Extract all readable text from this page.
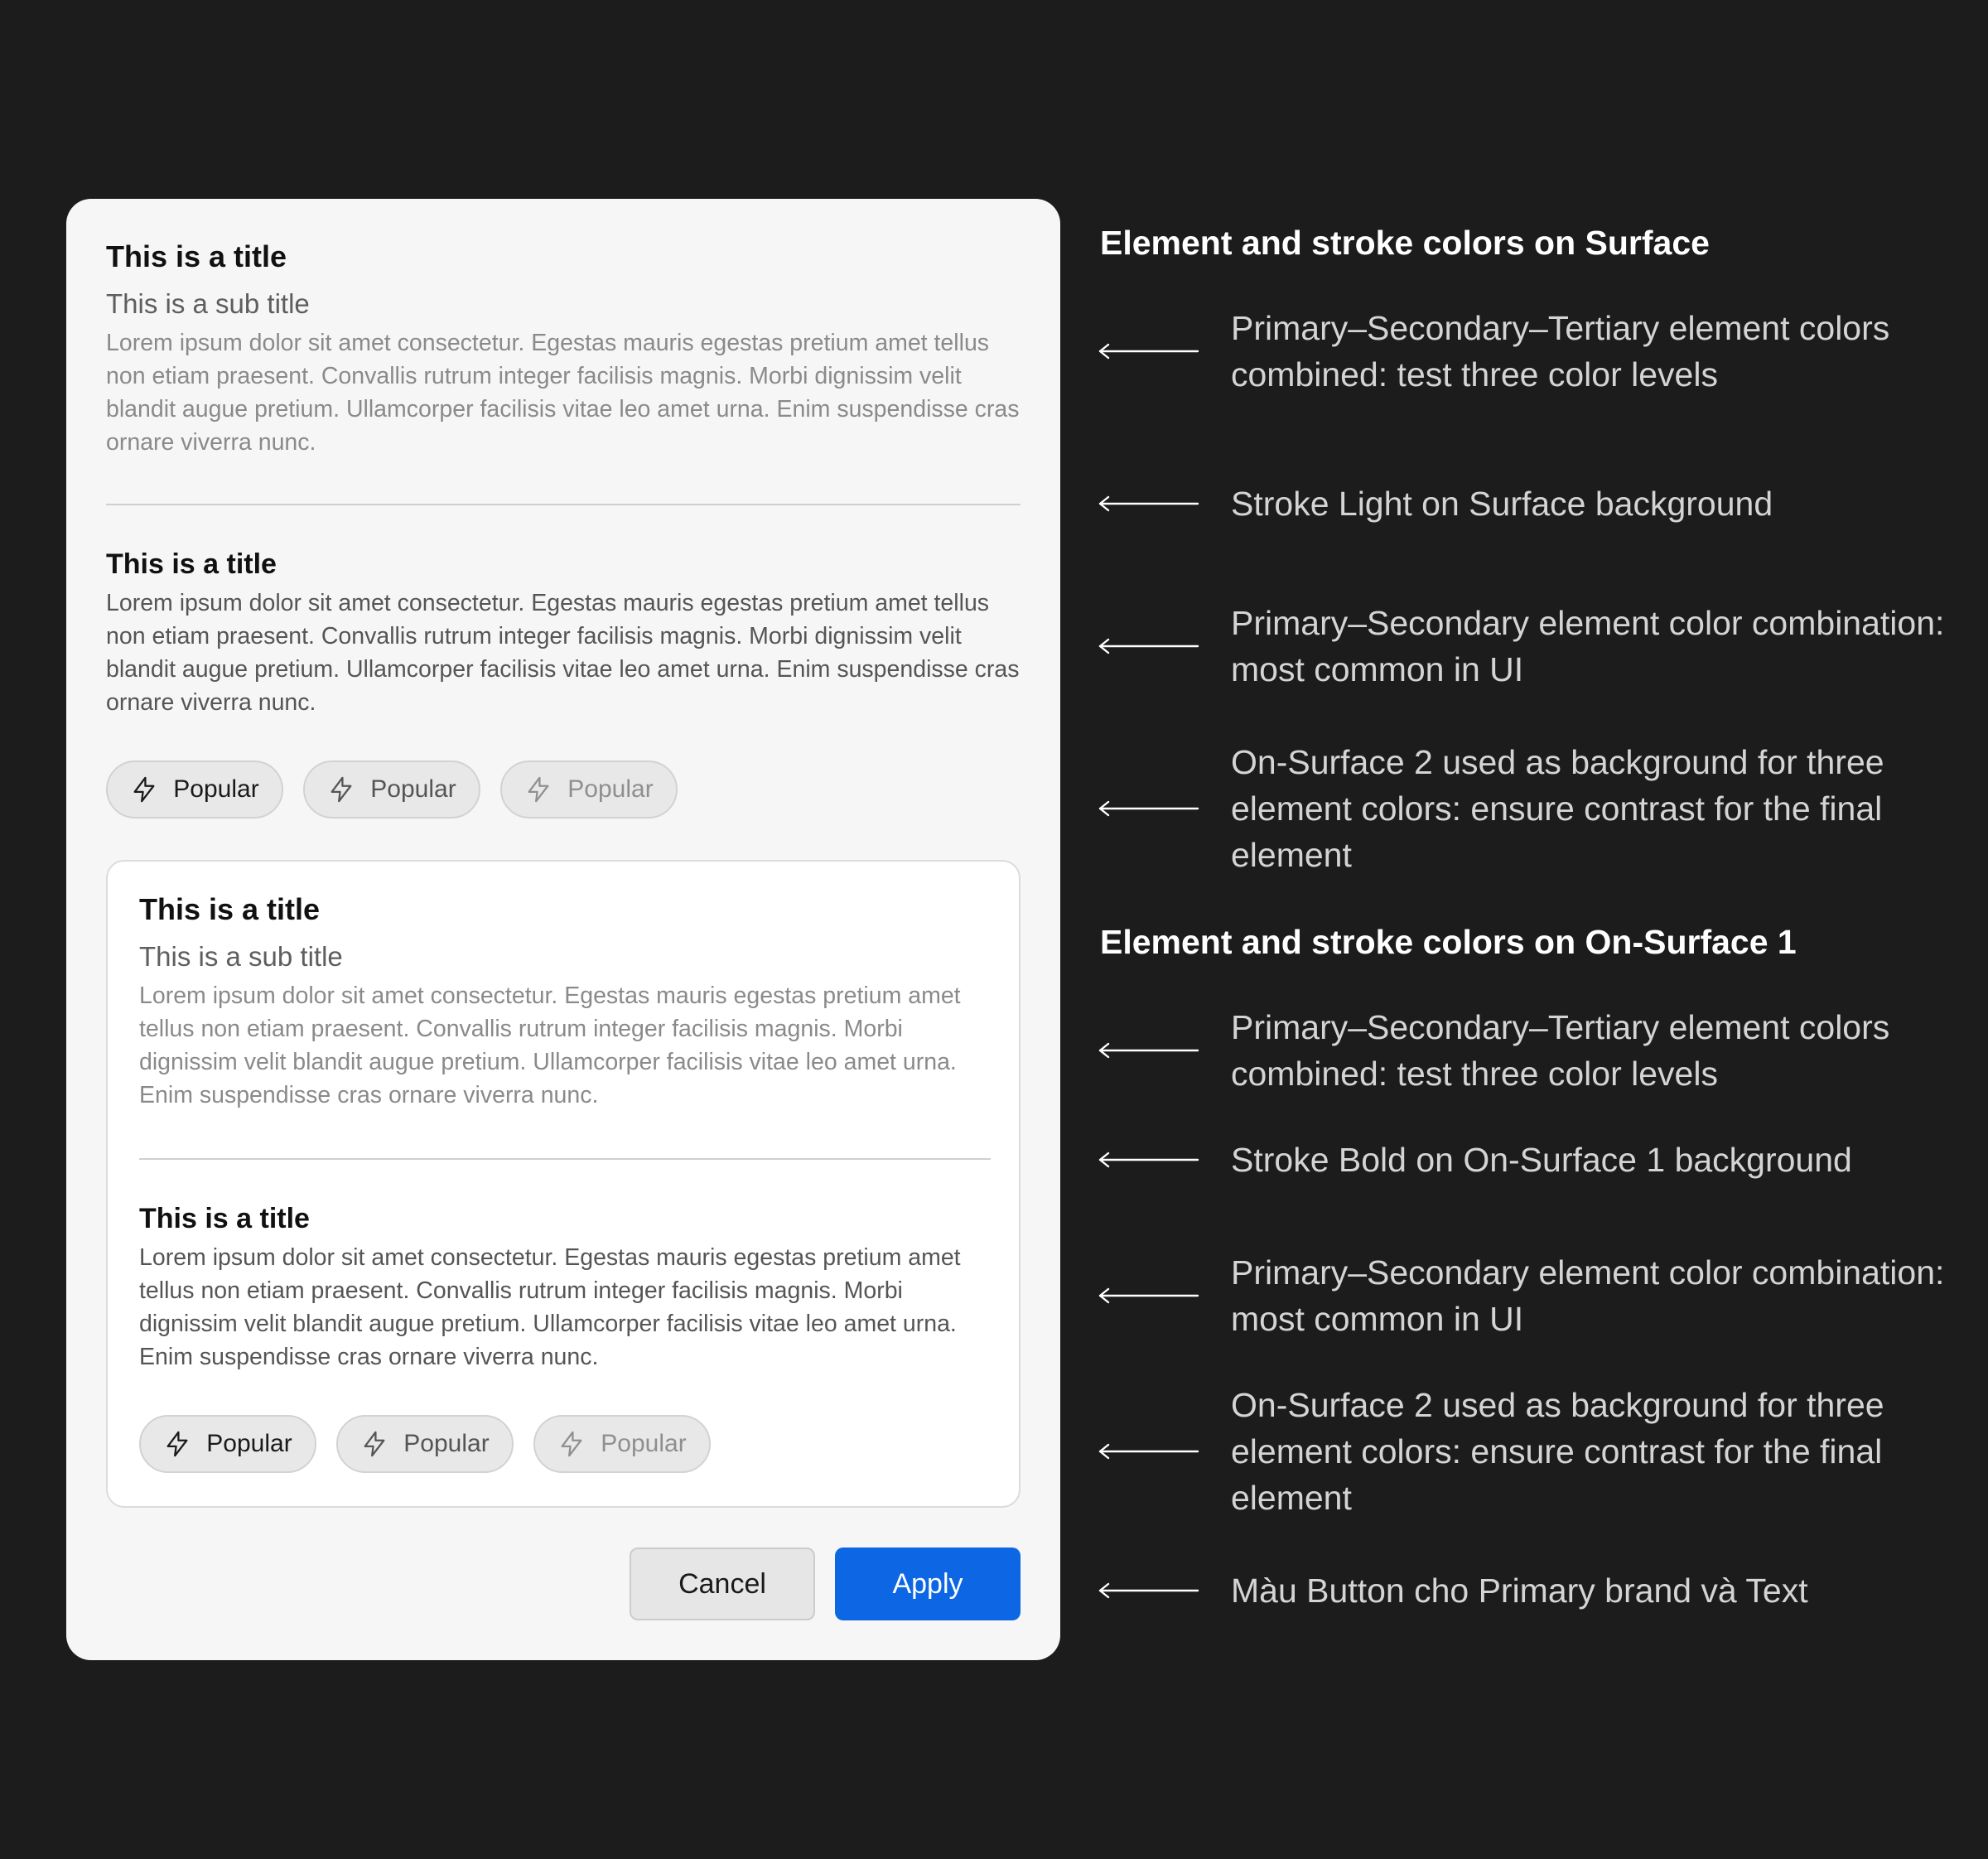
This is a title

This is a sub title

Lorem ipsum dolor sit amet consectetur. Egestas mauris egestas pretium amet tellus non etiam praesent. Convallis rutrum integer facilisis magnis. Morbi dignissim velit blandit augue pretium. Ullamcorper facilisis vitae leo amet urna. Enim suspendisse cras ornare viverra nunc.

This is a title

Lorem ipsum dolor sit amet consectetur. Egestas mauris egestas pretium amet tellus non etiam praesent. Convallis rutrum integer facilisis magnis. Morbi dignissim velit blandit augue pretium. Ullamcorper facilisis vitae leo amet urna. Enim suspendisse cras ornare viverra nunc.

Popular	Popular	Popular

This is a title

This is a sub title

Lorem ipsum dolor sit amet consectetur. Egestas mauris egestas pretium amet tellus non etiam praesent. Convallis rutrum integer facilisis magnis. Morbi dignissim velit blandit augue pretium. Ullamcorper facilisis vitae leo amet urna. Enim suspendisse cras ornare viverra nunc.

This is a title

Lorem ipsum dolor sit amet consectetur. Egestas mauris egestas pretium amet tellus non etiam praesent. Convallis rutrum integer facilisis magnis. Morbi dignissim velit blandit augue pretium. Ullamcorper facilisis vitae leo amet urna. Enim suspendisse cras ornare viverra nunc.

Popular	Popular	Popular
Cancel	Apply

Element and stroke colors on Surface

Primary–Secondary–Tertiary element colors combined: test three color levels

Stroke Light on Surface background

Primary–Secondary element color combination: most common in UI

On-Surface 2 used as background for three element colors: ensure contrast for the final element

Element and stroke colors on On-Surface 1

Primary–Secondary–Tertiary element colors combined: test three color levels

Stroke Bold on On-Surface 1 background

Primary–Secondary element color combination: most common in UI

On-Surface 2 used as background for three element colors: ensure contrast for the final element

Màu Button cho Primary brand và Text
